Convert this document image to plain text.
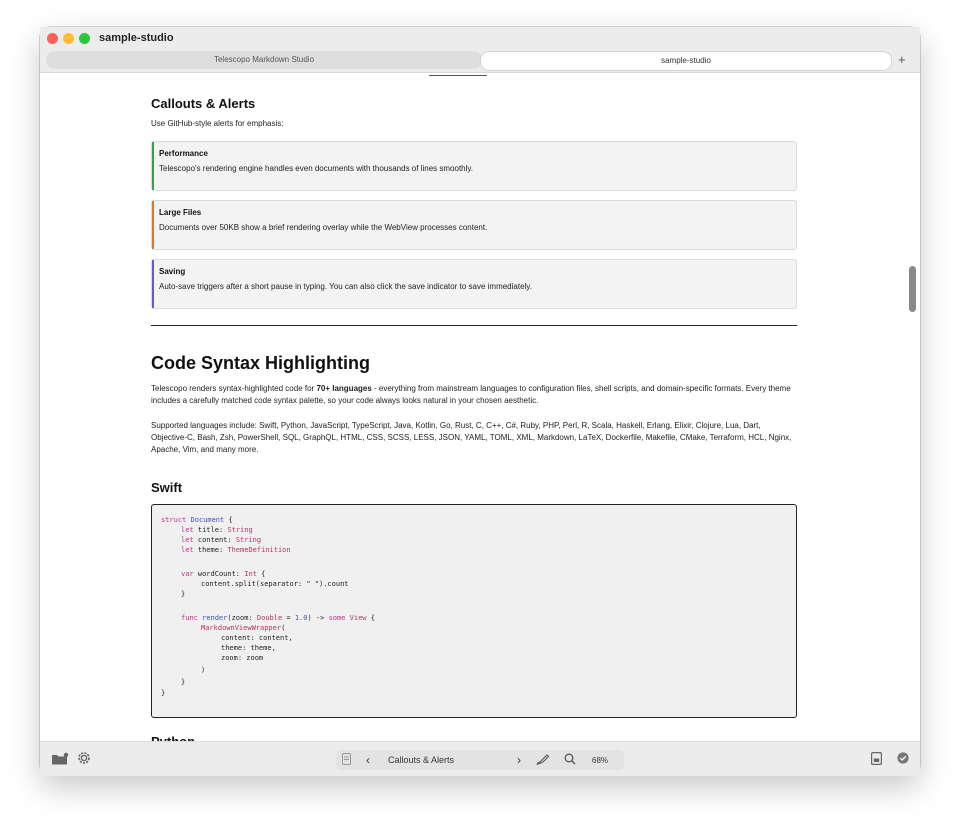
sample-studio
Telescopo Markdown Studio	sample-studio	+
Callouts & Alerts
Use GitHub-style alerts for emphasis:
Performance
Telescopo's rendering engine handles even documents with thousands of lines smoothly.
Large Files
Documents over 50KB show a brief rendering overlay while the WebView processes content.
Saving
Auto-save triggers after a short pause in typing. You can also click the save indicator to save immediately.
Code Syntax Highlighting
Telescopo renders syntax-highlighted code for 70+ languages - everything from mainstream languages to configuration files, shell scripts, and domain-specific formats. Every theme includes a carefully matched code syntax palette, so your code always looks natural in your chosen aesthetic.
Supported languages include: Swift, Python, JavaScript, TypeScript, Java, Kotlin, Go, Rust, C, C++, C#, Ruby, PHP, Perl, R, Scala, Haskell, Erlang, Elixir, Clojure, Lua, Dart, Objective-C, Bash, Zsh, PowerShell, SQL, GraphQL, HTML, CSS, SCSS, LESS, JSON, YAML, TOML, XML, Markdown, LaTeX, Dockerfile, Makefile, CMake, Terraform, HCL, Nginx, Apache, Vim, and many more.
Swift
struct Document {
let title: String
let content: String
let theme: ThemeDefinition
var wordCount: Int {
content.split(separator: " ").count
}
func render(zoom: Double = 1.0) -> some View {
MarkdownViewWrapper(
content: content,
theme: theme,
zoom: zoom
)
}
}
‹ Callouts & Alerts	›	68%
